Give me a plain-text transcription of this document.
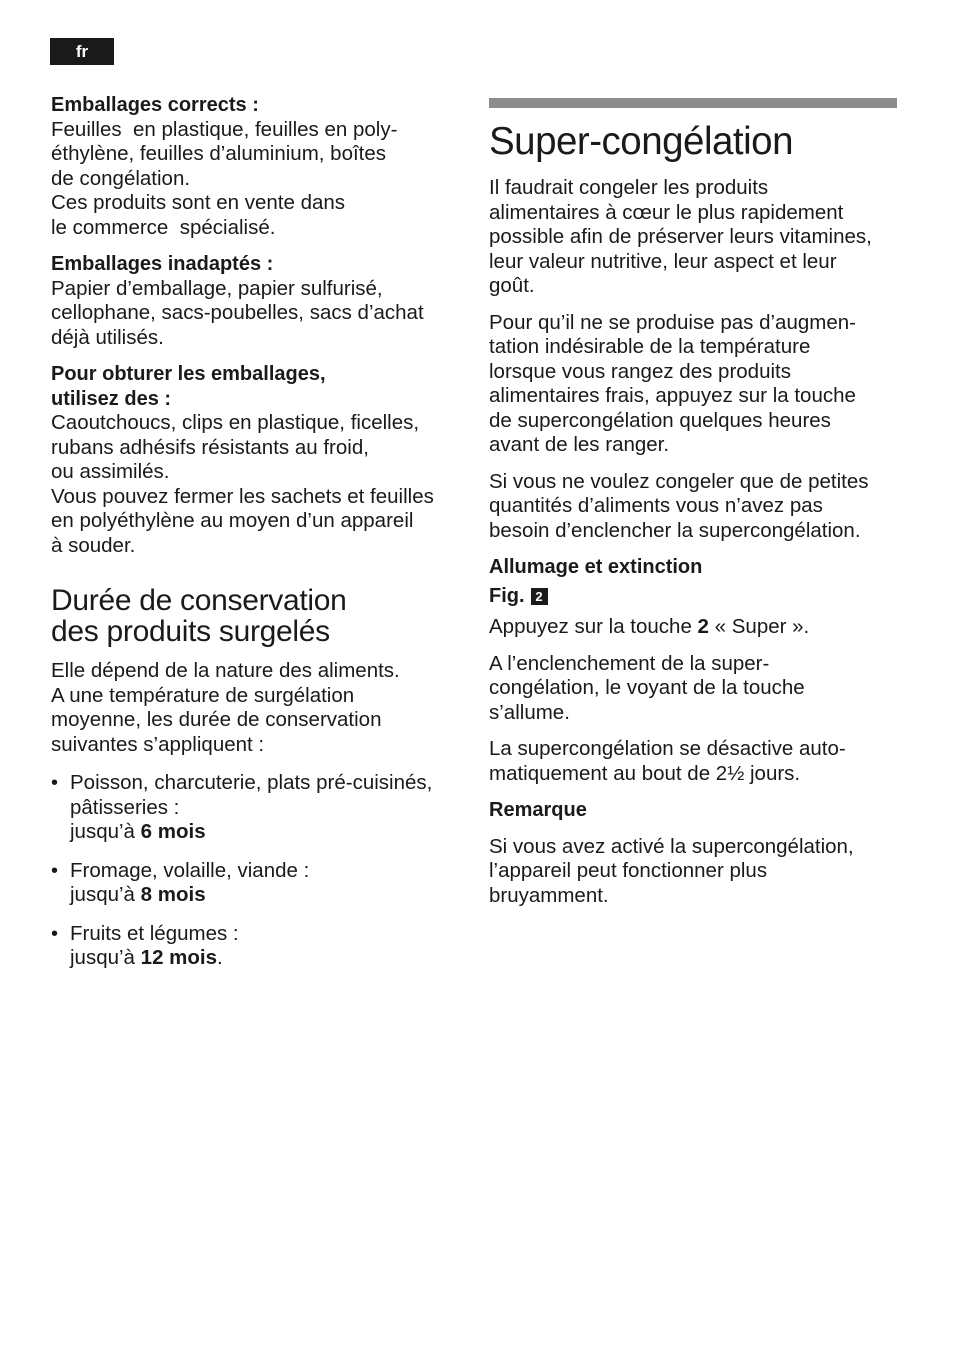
fr

Emballages corrects :

Feuilles  en plastique, feuilles en poly-
éthylène, feuilles d’aluminium, boîtes
de congélation.
Ces produits sont en vente dans
le commerce  spécialisé.

Emballages inadaptés :

Papier d’emballage, papier sulfurisé,
cellophane, sacs-poubelles, sacs d’achat
déjà utilisés.

Pour obturer les emballages,
utilisez des :

Caoutchoucs, clips en plastique, ficelles,
rubans adhésifs résistants au froid,
ou assimilés.
Vous pouvez fermer les sachets et feuilles
en polyéthylène au moyen d’un appareil
à souder.
Durée de conservation
des produits surgelés
Elle dépend de la nature des aliments.
A une température de surgélation
moyenne, les durée de conservation
suivantes s’appliquent :
• Poisson, charcuterie, plats pré-cuisinés,
pâtisseries :
jusqu’à 6 mois
• Fromage, volaille, viande :
jusqu’à 8 mois
• Fruits et légumes :
jusqu’à 12 mois.
Super-congélation
Il faudrait congeler les produits
alimentaires à cœur le plus rapidement
possible afin de préserver leurs vitamines,
leur valeur nutritive, leur aspect et leur
goût.
Pour qu’il ne se produise pas d’augmen-
tation indésirable de la température
lorsque vous rangez des produits
alimentaires frais, appuyez sur la touche
de supercongélation quelques heures
avant de les ranger.
Si vous ne voulez congeler que de petites
quantités d’aliments vous n’avez pas
besoin d’enclencher la supercongélation.

Allumage et extinction

Fig. 2

Appuyez sur la touche 2 « Super ».
A l’enclenchement de la super-
congélation, le voyant de la touche
s’allume.
La supercongélation se désactive auto-
matiquement au bout de 2½ jours.

Remarque

Si vous avez activé la supercongélation,
l’appareil peut fonctionner plus
bruyamment.
